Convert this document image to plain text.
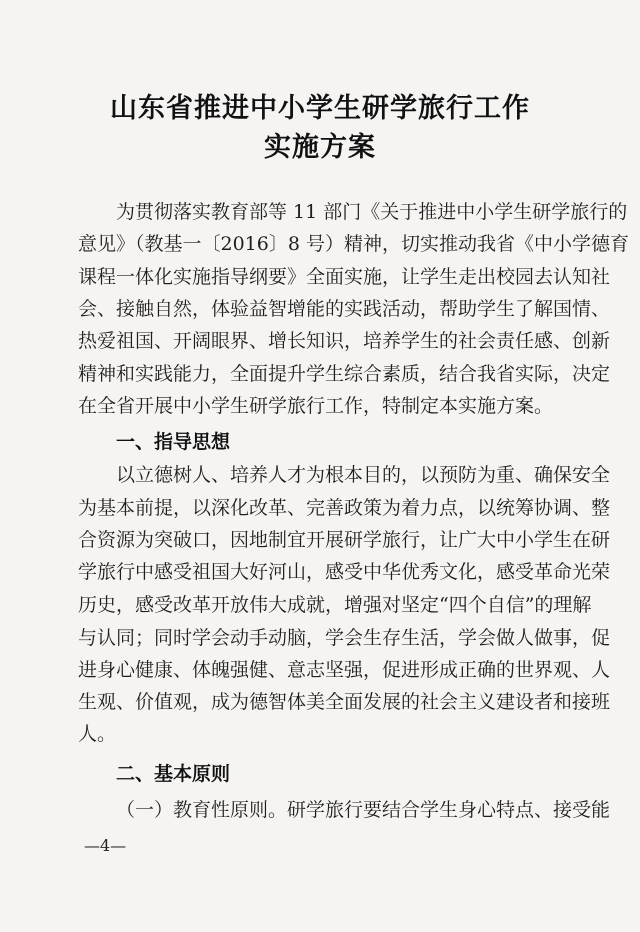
山东省推进中小学生研学旅行工作
实施方案
为贯彻落实教育部等 11 部门《关于推进中小学生研学旅行的
意见》（教基一〔2016〕8 号）精神，切实推动我省《中小学德育
课程一体化实施指导纲要》全面实施，让学生走出校园去认知社
会、接触自然，体验益智增能的实践活动，帮助学生了解国情、
热爱祖国、开阔眼界、增长知识，培养学生的社会责任感、创新
精神和实践能力，全面提升学生综合素质，结合我省实际，决定
在全省开展中小学生研学旅行工作，特制定本实施方案。
一、指导思想
以立德树人、培养人才为根本目的，以预防为重、确保安全
为基本前提，以深化改革、完善政策为着力点，以统筹协调、整
合资源为突破口，因地制宜开展研学旅行，让广大中小学生在研
学旅行中感受祖国大好河山，感受中华优秀文化，感受革命光荣
历史，感受改革开放伟大成就，增强对坚定“四个自信”的理解
与认同；同时学会动手动脑，学会生存生活，学会做人做事，促
进身心健康、体魄强健、意志坚强，促进形成正确的世界观、人
生观、价值观，成为德智体美全面发展的社会主义建设者和接班
人。
二、基本原则
（一）教育性原则。研学旅行要结合学生身心特点、接受能
—4—
